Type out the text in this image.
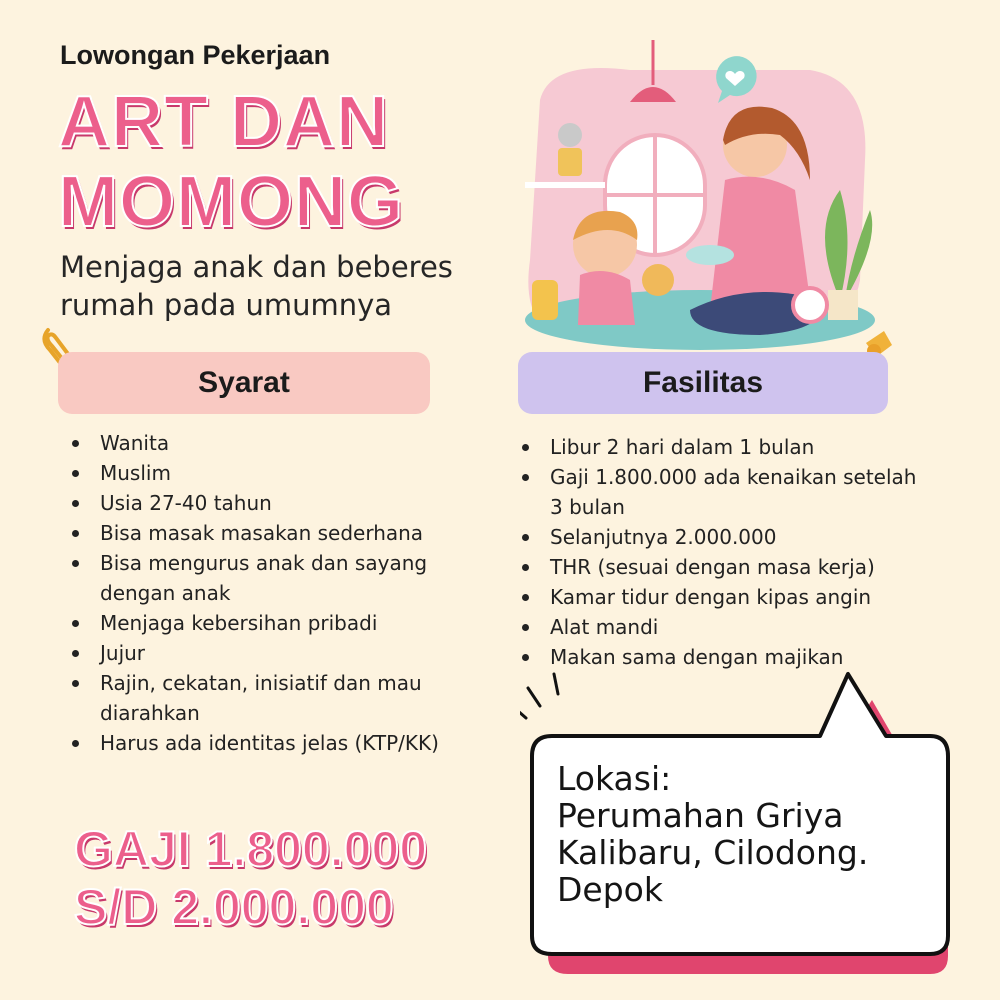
Lowongan Pekerjaan
ART DAN
MOMONG
Menjaga anak dan beberes
rumah pada umumnya
Syarat	Fasilitas
Wanita
Muslim
Usia 27-40 tahun
Bisa masak masakan sederhana
Bisa mengurus anak dan sayang dengan anak
Menjaga kebersihan pribadi
Jujur
Rajin, cekatan, inisiatif dan mau diarahkan
Harus ada identitas jelas (KTP/KK)
Libur 2 hari dalam 1 bulan
Gaji 1.800.000 ada kenaikan setelah 3 bulan
Selanjutnya 2.000.000
THR (sesuai dengan masa kerja)
Kamar tidur dengan kipas angin
Alat mandi
Makan sama dengan majikan
GAJI 1.800.000
S/D 2.000.000
Lokasi:
Perumahan Griya
Kalibaru, Cilodong.
Depok
